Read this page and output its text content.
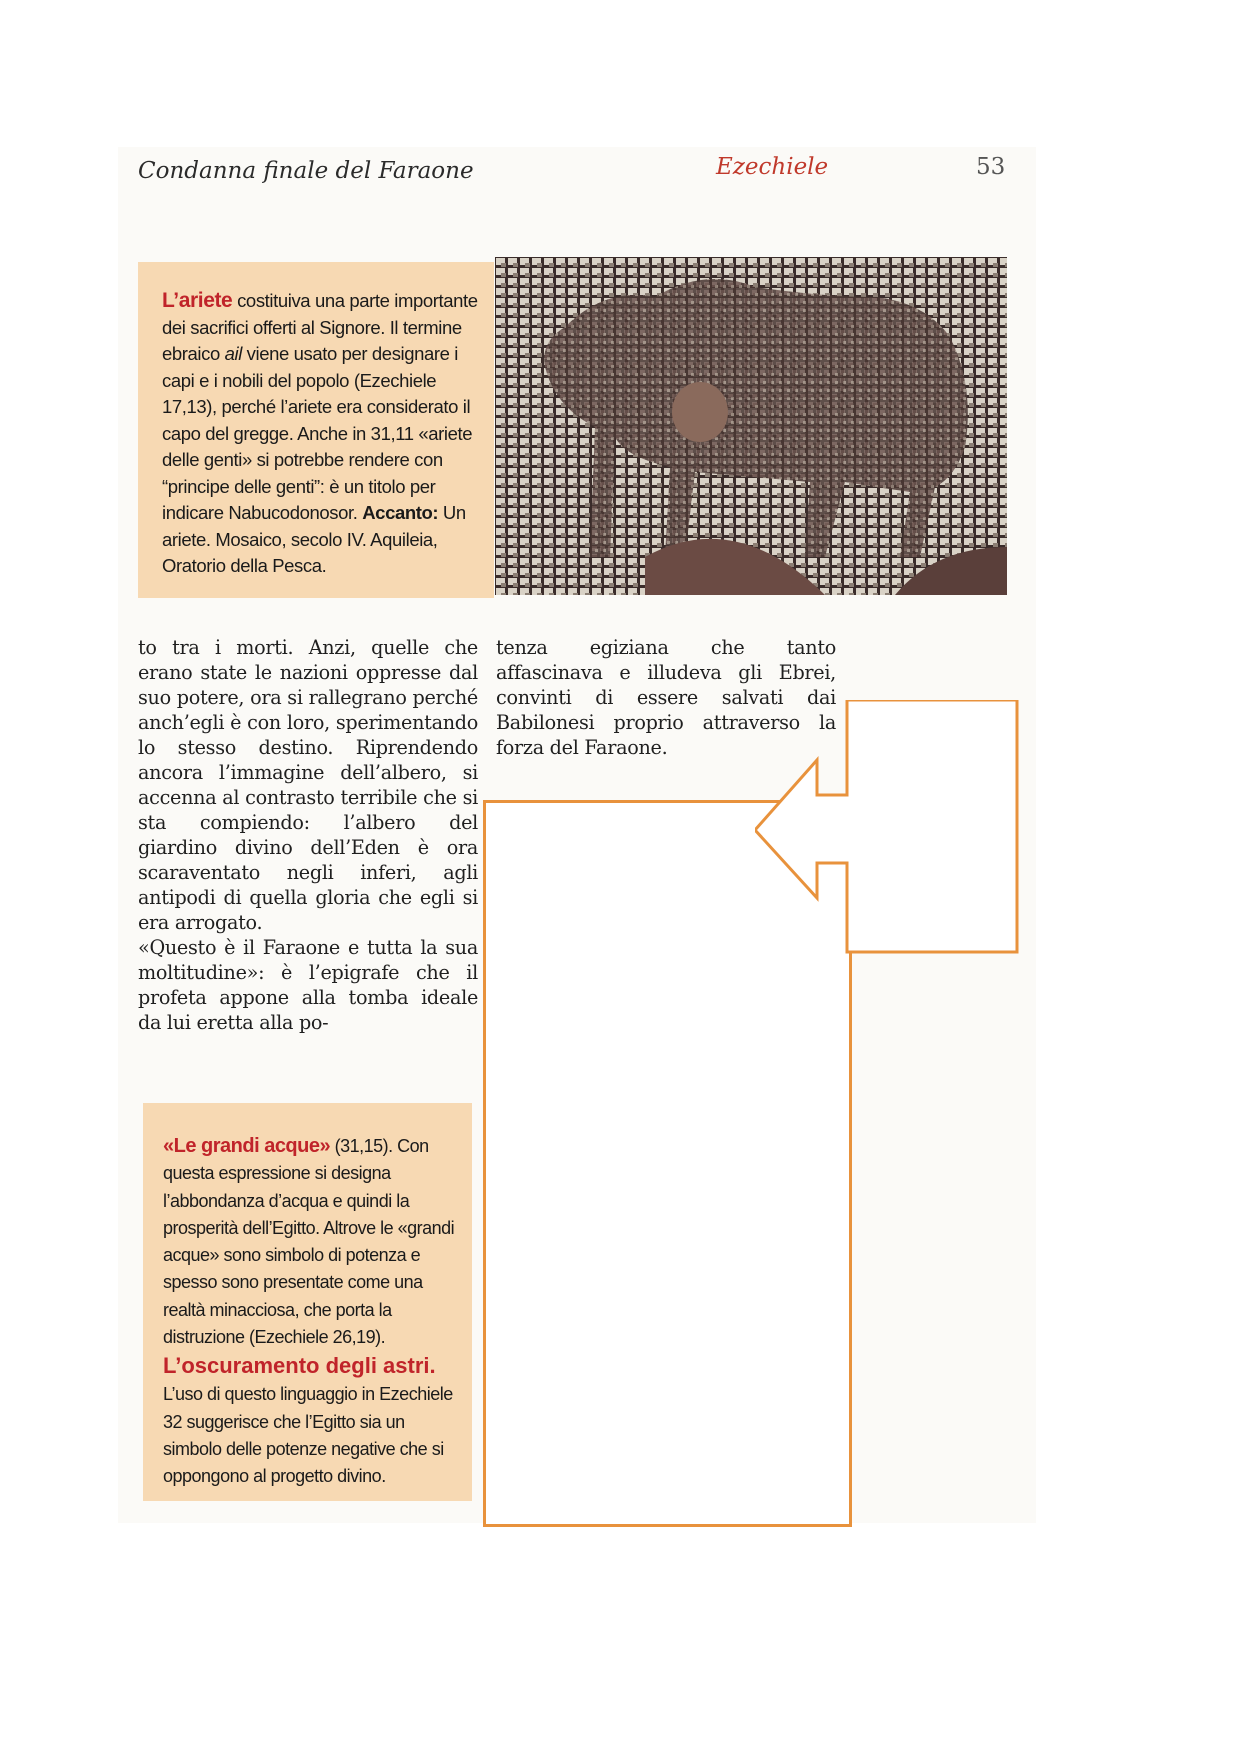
Condanna finale del Faraone	Ezechiele	53
L’ariete costituiva una parte importante dei sacrifici offerti al Signore. Il termine ebraico ail viene usato per designare i capi e i nobili del popolo (Ezechiele 17,13), perché l’ariete era considerato il capo del gregge. Anche in 31,11 «ariete delle genti» si potrebbe rendere con “principe delle genti”: è un titolo per indicare Nabucodonosor. Accanto: Un ariete. Mosaico, secolo IV. Aquileia, Oratorio della Pesca.

to tra i morti. Anzi, quelle che erano state le nazioni oppresse dal suo potere, ora si rallegrano perché anch’egli è con loro, sperimentando lo stesso destino. Riprendendo ancora l’immagine dell’albero, si accenna al contrasto terribile che si sta compiendo: l’albero del giardino divino dell’Eden è ora scaraventato negli inferi, agli antipodi di quella gloria che egli si era arrogato.

«Questo è il Faraone e tutta la sua moltitudine»: è l’epigrafe che il profeta appone alla tomba ideale da lui eretta alla po-

tenza egiziana che tanto affascinava e illudeva gli Ebrei, convinti di essere salvati dai Babilonesi proprio attraverso la forza del Faraone.

«Le grandi acque» (31,15). Con questa espressione si designa l’abbondanza d’acqua e quindi la prosperità dell’Egitto. Altrove le «grandi acque» sono simbolo di potenza e spesso sono presentate come una realtà minacciosa, che porta la distruzione (Ezechiele 26,19).
L’oscuramento degli astri.
L’uso di questo linguaggio in Ezechiele 32 suggerisce che l’Egitto sia un simbolo delle potenze negative che si oppongono al progetto divino.
